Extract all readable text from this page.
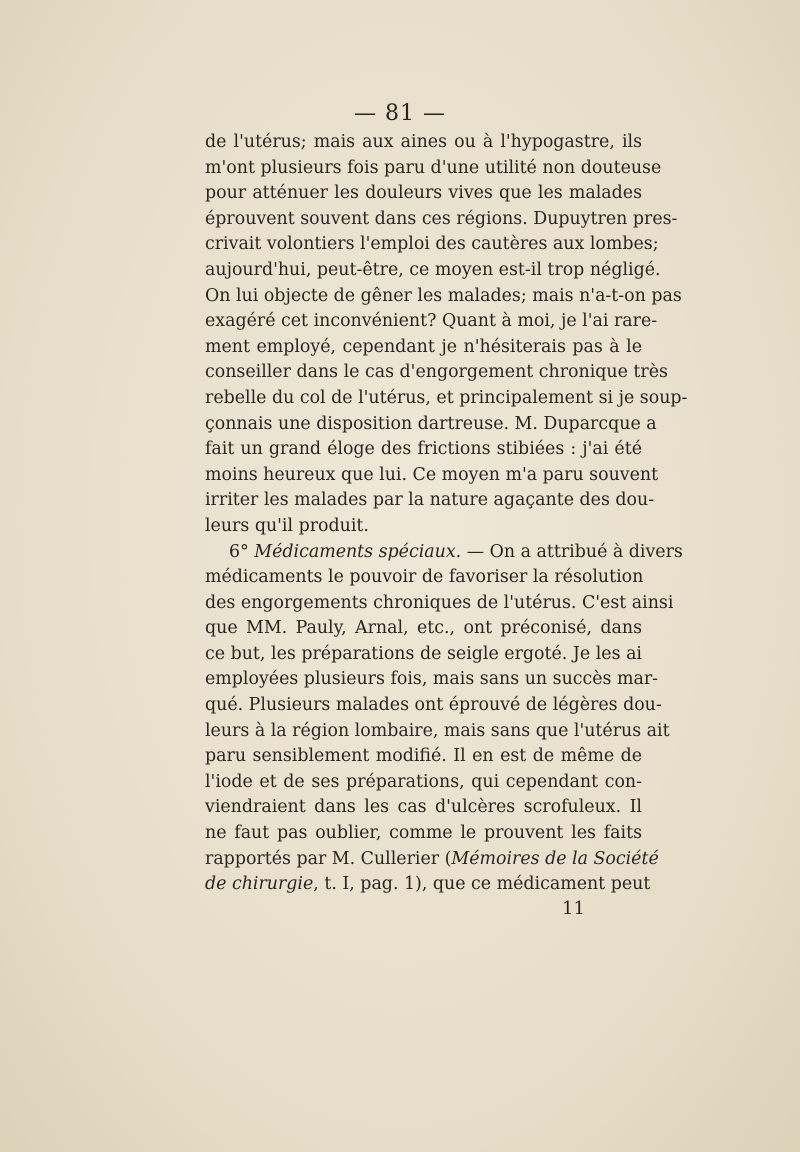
— 81 —
de l'utérus; mais aux aines ou à l'hypogastre, ils
m'ont plusieurs fois paru d'une utilité non douteuse
pour atténuer les douleurs vives que les malades
éprouvent souvent dans ces régions. Dupuytren pres-
crivait volontiers l'emploi des cautères aux lombes;
aujourd'hui, peut-être, ce moyen est-il trop négligé.
On lui objecte de gêner les malades; mais n'a-t-on pas
exagéré cet inconvénient? Quant à moi, je l'ai rare-
ment employé, cependant je n'hésiterais pas à le
conseiller dans le cas d'engorgement chronique très
rebelle du col de l'utérus, et principalement si je soup-
çonnais une disposition dartreuse. M. Duparcque a
fait un grand éloge des frictions stibiées : j'ai été
moins heureux que lui. Ce moyen m'a paru souvent
irriter les malades par la nature agaçante des dou-
leurs qu'il produit.
6° Médicaments spéciaux. — On a attribué à divers
médicaments le pouvoir de favoriser la résolution
des engorgements chroniques de l'utérus. C'est ainsi
que MM. Pauly, Arnal, etc., ont préconisé, dans
ce but, les préparations de seigle ergoté. Je les ai
employées plusieurs fois, mais sans un succès mar-
qué. Plusieurs malades ont éprouvé de légères dou-
leurs à la région lombaire, mais sans que l'utérus ait
paru sensiblement modifié. Il en est de même de
l'iode et de ses préparations, qui cependant con-
viendraient dans les cas d'ulcères scrofuleux. Il
ne faut pas oublier, comme le prouvent les faits
rapportés par M. Cullerier (Mémoires de la Société
de chirurgie, t. I, pag. 1), que ce médicament peut
11
